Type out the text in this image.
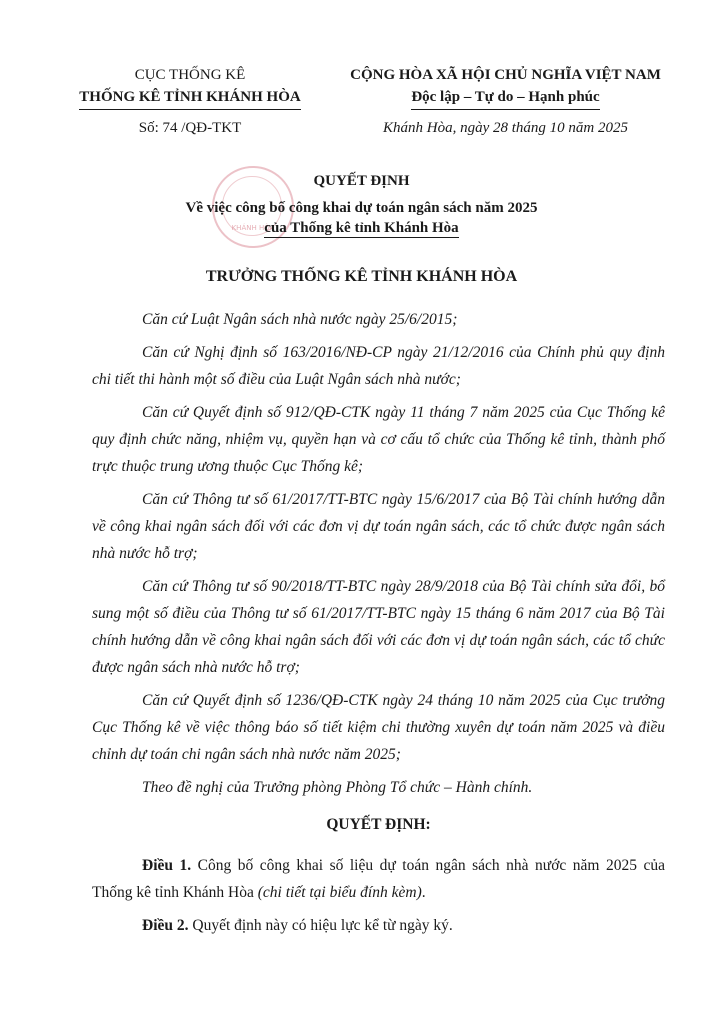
CỤC THỐNG KÊ
THỐNG KÊ TỈNH KHÁNH HÒA
CỘNG HÒA XÃ HỘI CHỦ NGHĨA VIỆT NAM
Độc lập – Tự do – Hạnh phúc
Số: 74 /QĐ-TKT	Khánh Hòa, ngày 28 tháng 10 năm 2025
KHÁNH HÒA
QUYẾT ĐỊNH
Về việc công bố công khai dự toán ngân sách năm 2025
của Thống kê tỉnh Khánh Hòa
TRƯỞNG THỐNG KÊ TỈNH KHÁNH HÒA

Căn cứ Luật Ngân sách nhà nước ngày 25/6/2015;

Căn cứ Nghị định số 163/2016/NĐ-CP ngày 21/12/2016 của Chính phủ quy định chi tiết thi hành một số điều của Luật Ngân sách nhà nước;

Căn cứ Quyết định số 912/QĐ-CTK ngày 11 tháng 7 năm 2025 của Cục Thống kê quy định chức năng, nhiệm vụ, quyền hạn và cơ cấu tổ chức của Thống kê tỉnh, thành phố trực thuộc trung ương thuộc Cục Thống kê;

Căn cứ Thông tư số 61/2017/TT-BTC ngày 15/6/2017 của Bộ Tài chính hướng dẫn về công khai ngân sách đối với các đơn vị dự toán ngân sách, các tổ chức được ngân sách nhà nước hỗ trợ;

Căn cứ Thông tư số 90/2018/TT-BTC ngày 28/9/2018 của Bộ Tài chính sửa đổi, bổ sung một số điều của Thông tư số 61/2017/TT-BTC ngày 15 tháng 6 năm 2017 của Bộ Tài chính hướng dẫn về công khai ngân sách đối với các đơn vị dự toán ngân sách, các tổ chức được ngân sách nhà nước hỗ trợ;

Căn cứ Quyết định số 1236/QĐ-CTK ngày 24 tháng 10 năm 2025 của Cục trưởng Cục Thống kê về việc thông báo số tiết kiệm chi thường xuyên dự toán năm 2025 và điều chỉnh dự toán chi ngân sách nhà nước năm 2025;

Theo đề nghị của Trưởng phòng Phòng Tổ chức – Hành chính.

QUYẾT ĐỊNH:

Điều 1. Công bố công khai số liệu dự toán ngân sách nhà nước năm 2025 của Thống kê tỉnh Khánh Hòa (chi tiết tại biểu đính kèm).

Điều 2. Quyết định này có hiệu lực kể từ ngày ký.
